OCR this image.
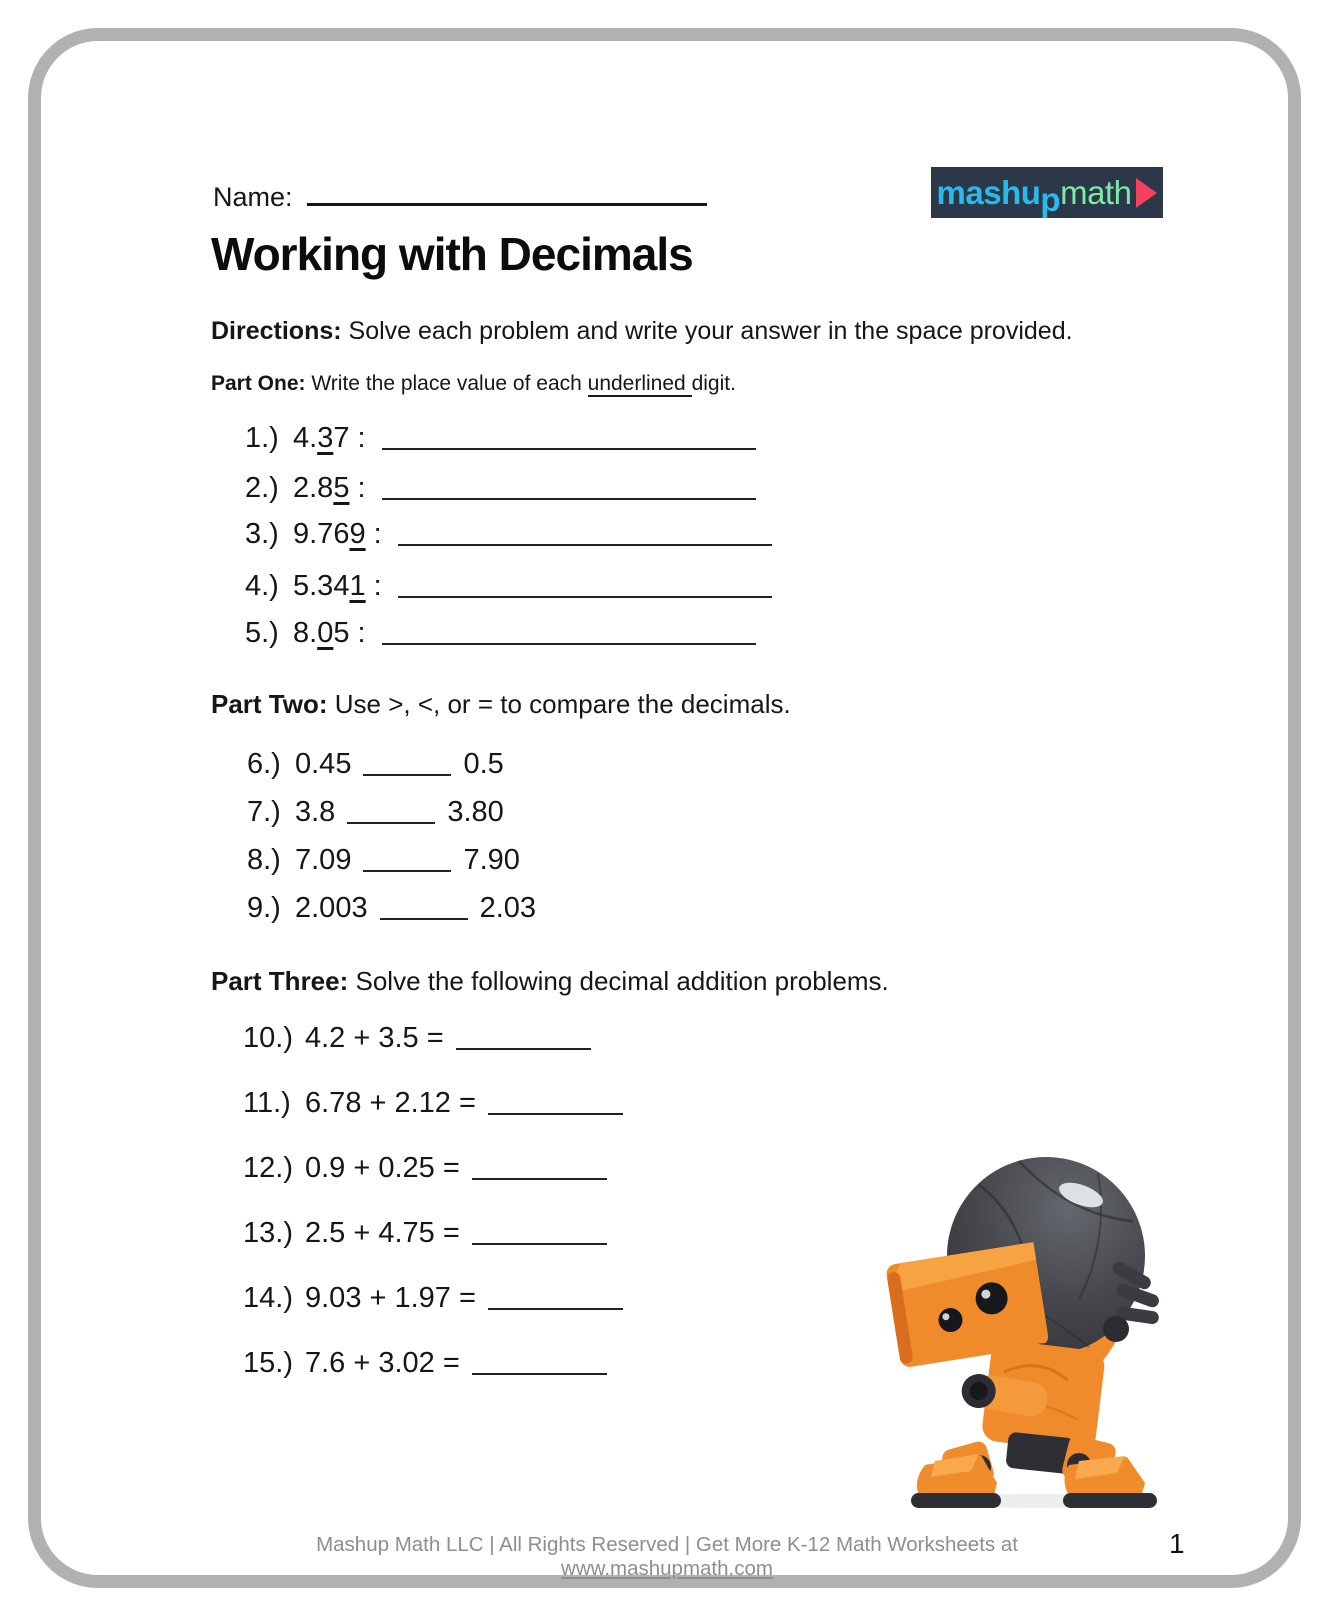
Name:	mashu p math
Working with Decimals
Directions: Solve each problem and write your answer in the space provided.
Part One: Write the place value of each underlined digit.
1.) 4.37 :
2.) 2.85 :
3.) 9.769 :
4.) 5.341 :
5.) 8.05 :
Part Two: Use >, <, or = to compare the decimals.
6.) 0.45	0.5
7.) 3.8	3.80
8.) 7.09	7.90
9.) 2.003	2.03
Part Three: Solve the following decimal addition problems.
10.) 4.2 + 3.5 =
11.) 6.78 + 2.12 =
12.) 0.9 + 0.25 =
13.) 2.5 + 4.75 =
14.) 9.03 + 1.97 =
15.) 7.6 + 3.02 =
Mashup Math LLC | All Rights Reserved | Get More K-12 Math Worksheets at www.mashupmath.com
1
